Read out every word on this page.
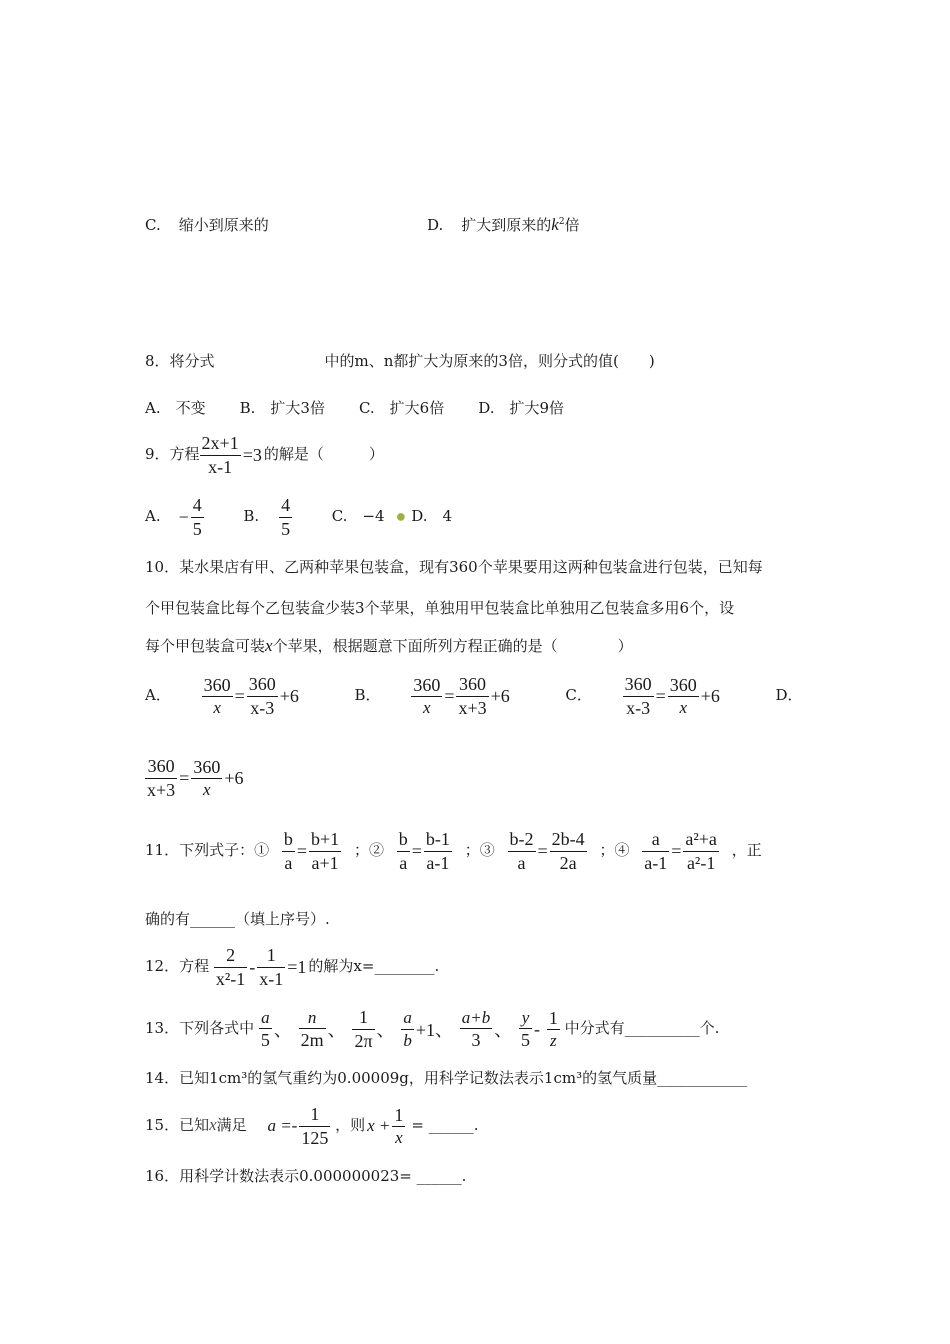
C. 缩小到原来的	D. 扩大到原来的$k^2$倍
8．将分式	中的m、n都扩大为原来的3倍，则分式的值(　　)
A.　不变 B.　扩大3倍 C.　扩大6倍 D.　扩大9倍
9．方程 $\frac{2x+1}{x-1} =3$ 的解是（　　　）
A. − $\frac{4}{5}$	B. $\frac{4}{5}$	C.　−4 ● D.　4
10．某水果店有甲、乙两种苹果包装盒，现有360个苹果要用这两种包装盒进行包装，已知每
个甲包装盒比每个乙包装盒少装3个苹果，单独用甲包装盒比单独用乙包装盒多用6个，设
每个甲包装盒可装x个苹果，根据题意下面所列方程正确的是（　　　　）
A． $\frac{360}{x} = \frac{360}{x-3} +6$	B． $\frac{360}{x} = \frac{360}{x+3} +6$	C． $\frac{360}{x-3} = \frac{360}{x} +6$	D．
$\frac{360}{x+3} = \frac{360}{x} +6$
11．下列式子：① $\frac{b}{a} = \frac{b+1}{a+1}$ ；② $\frac{b}{a} = \frac{b-1}{a-1}$ ；③ $\frac{b-2}{a} = \frac{2b-4}{2a}$ ；④ $\frac{a}{a-1} = \frac{\text{a²+a}}{\text{a²-1}}$ ，正
确的有______（填上序号）.
12．方程 $\frac{2}{\text{x²-1}} - \frac{1}{x-1} =1$ 的解为x=________.
13．下列各式中 $\frac{a}{5}$ 、 $\frac{n}{2m}$ 、 $\frac{1}{2\pi}$ 、 $\frac{a}{b} +1$、 $\frac{a+b}{3}$ 、 $\frac{y}{5} - \frac{1}{z}$ 中分式有__________个.
14．已知1cm³的氢气重约为0.00009g，用科学记数法表示1cm³的氢气质量____________
15．已知x满足 $a =- \frac{1}{125}$ ，则 $x + \frac{1}{x}$ = ______.
16．用科学计数法表示0.000000023= ______.
